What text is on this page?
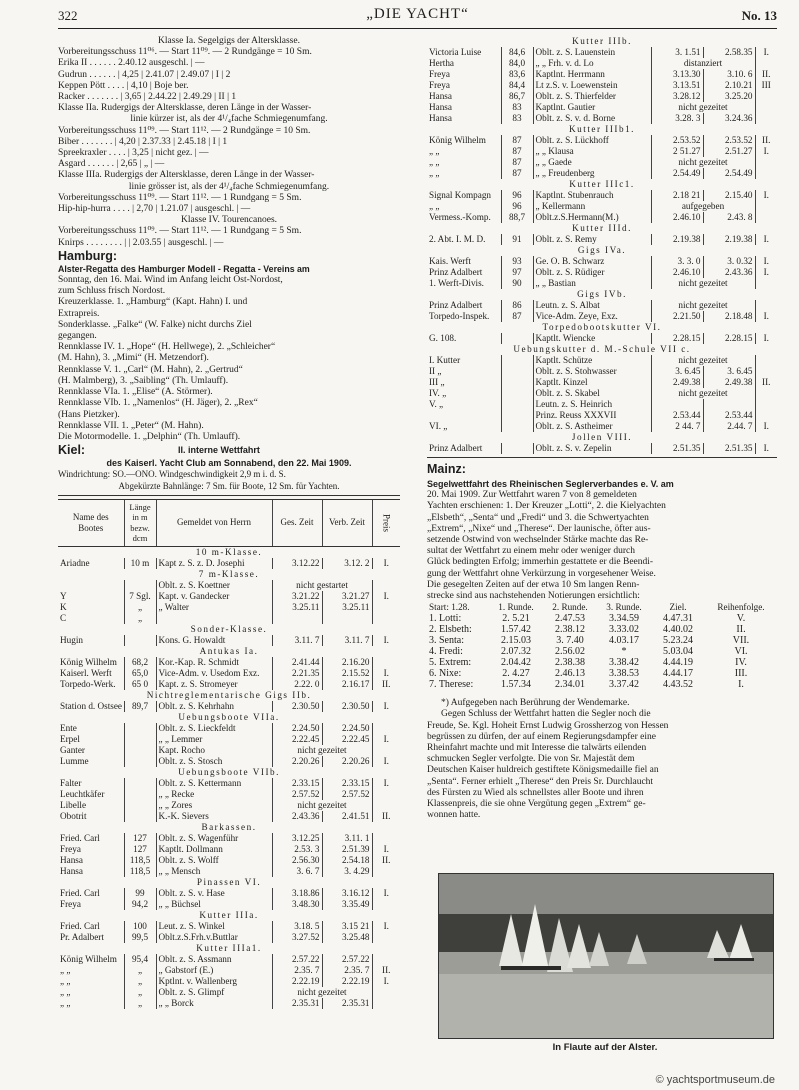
322	„DIE YACHT“	No. 13
Klasse Ia. Segelgigs der Altersklasse.
Vorbereitungsschuss 11⁰⁶. — Start 11⁰⁹. — 2 Rundgänge = 10 Sm.
Erika II . . . . . . 2.40.12 ausgeschl. | —
Gudrun . . . . . . | 4,25 | 2.41.07 | 2.49.07 | I | 2
Keppen Pött . . . . | 4,10 | Boje ber.
Racker . . . . . . . | 3,65 | 2.44.22 | 2.49.29 | II | 1
Klasse IIa. Rudergigs der Altersklasse, deren Länge in der Wasser-
linie kürzer ist, als der 4¹/₄fache Schmiegenumfang.
Vorbereitungsschuss 11⁰⁹. — Start 11¹². — 2 Rundgänge = 10 Sm.
Biber . . . . . . . | 4,20 | 2.37.33 | 2.45.18 | I | 1
Spreekraxler . . . . | 3,25 | nicht gez. | —
Asgard . . . . . . | 2,65 | „ | —
Klasse IIIa. Rudergigs der Altersklasse, deren Länge in der Wasser-
linie grösser ist, als der 4¹/₄fache Schmiegenumfang.
Vorbereitungsschuss 11⁰⁹. — Start 11¹². — 1 Rundgang = 5 Sm.
Hip-hip-hurra . . . . | 2,70 | 1.21.07 | ausgeschl. | —
Klasse IV. Tourencanoes.
Vorbereitungsschuss 11⁰⁹. — Start 11¹². — 1 Rundgang = 5 Sm.
Knirps . . . . . . . . | | 2.03.55 | ausgeschl. | —
Hamburg:
Alster-Regatta des Hamburger Modell - Regatta - Vereins am
Sonntag, den 16. Mai. Wind im Anfang leicht Ost-Nordost,
zum Schluss frisch Nordost.
Kreuzerklasse. 1. „Hamburg“ (Kapt. Hahn) I. und
Extrapreis.
Sonderklasse. „Falke“ (W. Falke) nicht durchs Ziel
gegangen.
Rennklasse IV. 1. „Hope“ (H. Hellwege), 2. „Schleicher“
(M. Hahn), 3. „Mimi“ (H. Metzendorf).
Rennklasse V. 1. „Carl“ (M. Hahn), 2. „Gertrud“
(H. Malmberg), 3. „Saibling“ (Th. Umlauff).
Rennklasse VIa. 1. „Elise“ (A. Störmer).
Rennklasse VIb. 1. „Namenlos“ (H. Jäger), 2. „Rex“
(Hans Pietzker).
Rennklasse VII. 1. „Peter“ (M. Hahn).
Die Motormodelle. 1. „Delphin“ (Th. Umlauff).
Kiel:	II. interne Wettfahrt
des Kaiserl. Yacht Club am Sonnabend, den 22. Mai 1909.
Windrichtung: SO.—ONO. Windgeschwindigkeit 2,9 m i. d. S.
Abgekürzte Bahnlänge: 7 Sm. für Boote, 12 Sm. für Yachten.
Name des Bootes	Länge in m bezw. dcm	Gemeldet von Herrn	Ges. Zeit	Verb. Zeit	Preis
10 m-Klasse.					
Ariadne	10 m	Kapt z. S. z. D. Josephi	3.12.22	3.12. 2	I.
7 m-Klasse.					
		Oblt. z. S. Koettner	nicht gestartet		
Y	7 Sgl.	Kapt. v. Gandecker	3.21.22	3.21.27	I.
K	„	„ Walter	3.25.11	3.25.11	
C	„				
Sonder-Klasse.					
Hugin		Kons. G. Howaldt	3.11. 7	3.11. 7	I.
Antukas Ia.					
König Wilhelm	68,2	Kor.-Kap. R. Schmidt	2.41.44	2.16.20	
Kaiserl. Werft	65,0	Vice-Adm. v. Usedom Exz.	2.21.35	2.15.52	I.
Torpedo-Werk.	65 0	Kapt. z. S. Stromeyer	2.22. 0	2.16.17	II.
Nichtreglementarische Gigs IIb.					
Station d. Ostsee	89,7	Oblt. z. S. Kehrhahn	2.30.50	2.30.50	I.
Uebungsboote VIIa.					
Ente		Oblt. z. S. Lieckfeldt	2.24.50	2.24.50	
Erpel		„ „ Lemmer	2.22.45	2.22.45	I.
Ganter		Kapt. Rocho	nicht gezeitet		
Lumme		Oblt. z. S. Stosch	2.20.26	2.20.26	I.
Uebungsboote VIIb.					
Falter		Oblt. z. S. Kettermann	2.33.15	2.33.15	I.
Leuchtkäfer		„ „ Recke	2.57.52	2.57.52	
Libelle		„ „ Zores	nicht gezeitet		
Obotrit		K.-K. Sievers	2.43.36	2.41.51	II.
Barkassen.					
Fried. Carl	127	Oblt. z. S. Wagenführ	3.12.25	3.11. 1	
Freya	127	Kaptlt. Dollmann	2.53. 3	2.51.39	I.
Hansa	118,5	Oblt. z. S. Wolff	2.56.30	2.54.18	II.
Hansa	118,5	„ „ Mensch	3. 6. 7	3. 4.29	
Pinassen VI.					
Fried. Carl	99	Oblt. z. S. v. Hase	3.18.86	3.16.12	I.
Freya	94,2	„ „ Büchsel	3.48.30	3.35.49	
Kutter IIIa.					
Fried. Carl	100	Leut. z. S. Winkel	3.18. 5	3.15 21	I.
Pr. Adalbert	99,5	Oblt.z.S.Frh.v.Buttlar	3.27.52	3.25.48	
Kutter IIIa1.					
König Wilhelm	95,4	Oblt. z. S. Assmann	2.57.22	2.57.22	
„ „	„	„ Gabstorf (E.)	2.35. 7	2.35. 7	II.
„ „	„	Kptlnt. v. Wallenberg	2.22.19	2.22.19	I.
„ „	„	Oblt. z. S. Glimpf	nicht gezeitet		
„ „	„	„ „ Borck	2.35.31	2.35.31	
Kutter IIIb.					
Victoria Luise	84,6	Oblt. z. S. Lauenstein	3. 1.51	2.58.35	I.
Hertha	84,0	„ „ Frh. v. d. Lo	distanziert		
Freya	83,6	Kaptlnt. Herrmann	3.13.30	3.10. 6	II.
Freya	84,4	Lt z.S. v. Loewenstein	3.13.51	2.10.21	III
Hansa	86,7	Oblt. z. S. Thierfelder	3.28.12	3.25.20	
Hansa	83	Kaptlnt. Gautier	nicht gezeitet		
Hansa	83	Oblt. z. S. v. d. Borne	3.28. 3	3.24.36	
Kutter IIIb1.					
König Wilhelm	87	Oblt. z. S. Lückhoff	2.53.52	2.53.52	II.
„ „	87	„ „ Klausa	2 51.27	2.51.27	I.
„ „	87	„ „ Gaede	nicht gezeitet		
„ „	87	„ „ Freudenberg	2.54.49	2.54.49	
Kutter IIIc1.					
Signal Kompagn	96	Kaptlnt. Stubenrauch	2.18 21	2.15.40	I.
„ „	96	„ Kellermann	aufgegeben		
Vermess.-Komp.	88,7	Oblt.z.S.Hermann(M.)	2.46.10	2.43. 8	
Kutter IIId.					
2. Abt. I. M. D.	91	Oblt. z. S. Remy	2.19.38	2.19.38	I.
Gigs IVa.					
Kais. Werft	93	Ge. O. B. Schwarz	3. 3. 0	3. 0.32	I.
Prinz Adalbert	97	Oblt. z. S. Rüdiger	2.46.10	2.43.36	I.
1. Werft-Divis.	90	„ „ Bastian	nicht gezeitet		
Gigs IVb.					
Prinz Adalbert	86	Leutn. z. S. Albat	nicht gezeitet		
Torpedo-Inspek.	87	Vice-Adm. Zeye, Exz.	2.21.50	2.18.48	I.
Torpedobootskutter VI.					
G. 108.		Kaptlt. Wiencke	2.28.15	2.28.15	I.
Uebungskutter d. M.-Schule VII c.					
I. Kutter		Kaptlt. Schütze	nicht gezeitet		
II „		Oblt. z. S. Stohwasser	3. 6.45	3. 6.45	
III „		Kaptlt. Kinzel	2.49.38	2.49.38	II.
IV. „		Oblt. z. S. Skabel	nicht gezeitet		
V. „		Leutn. z. S. Heinrich			
		Prinz. Reuss XXXVII	2.53.44	2.53.44	
VI. „		Oblt. z. S. Astheimer	2 44. 7	2.44. 7	I.
Jollen VIII.					
Prinz Adalbert		Oblt. z. S. v. Zepelin	2.51.35	2.51.35	I.
Mainz:
Segelwettfahrt des Rheinischen Seglerverbandes e. V. am
20. Mai 1909. Zur Wettfahrt waren 7 von 8 gemeldeten
Yachten erschienen: 1. Der Kreuzer „Lotti“, 2. die Kielyachten
„Elsbeth“, „Senta“ und „Fredi“ und 3. die Schwertyachten
„Extrem“, „Nixe“ und „Therese“. Der launische, öfter aus-
setzende Ostwind von wechselnder Stärke machte das Re-
sultat der Wettfahrt zu einem mehr oder weniger durch
Glück bedingten Erfolg; immerhin gestattete er die Beendi-
gung der Wettfahrt ohne Verkürzung in vorgesehener Weise.
Die gesegelten Zeiten auf der etwa 10 Sm langen Renn-
strecke sind aus nachstehenden Notierungen ersichtlich:
Start: 1.28.	1. Runde.	2. Runde.	3. Runde.	Ziel.	Reihenfolge.
1. Lotti:	2. 5.21	2.47.53	3.34.59	4.47.31	V.
2. Elsbeth:	1.57.42	2.38.12	3.33.02	4.40.02	II.
3. Senta:	2.15.03	3. 7.40	4.03.17	5.23.24	VII.
4. Fredi:	2.07.32	2.56.02	*	5.03.04	VI.
5. Extrem:	2.04.42	2.38.38	3.38.42	4.44.19	IV.
6. Nixe:	2. 4.27	2.46.13	3.38.53	4.44.17	III.
7. Therese:	1.57.34	2.34.01	3.37.42	4.43.52	I.
*) Aufgegeben nach Berührung der Wendemarke.
Gegen Schluss der Wettfahrt hatten die Segler noch die
Freude, Se. Kgl. Hoheit Ernst Ludwig Grossherzog von Hessen
begrüssen zu dürfen, der auf einem Regierungsdampfer eine
Rheinfahrt machte und mit Interesse die talwärts eilenden
schmucken Segler verfolgte. Die von Sr. Majestät dem
Deutschen Kaiser huldreich gestiftete Königsmedaille fiel an
„Senta“. Ferner erhielt „Therese“ den Preis Sr. Durchlaucht
des Fürsten zu Wied als schnellstes aller Boote und ihren
Klassenpreis, die sie ohne Vergütung gegen „Extrem“ ge-
wonnen hatte.
In Flaute auf der Alster.
© yachtsportmuseum.de
